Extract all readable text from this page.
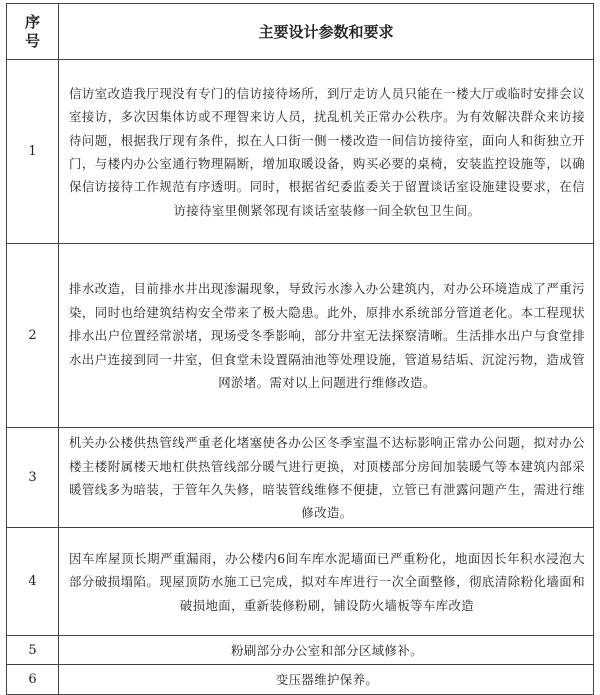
序号	主要设计参数和要求
1	信访室改造我厅现没有专门的信访接待场所，到厅走访人员只能在一楼大厅或临时安排会议室接访，多次因集体访或不理智来访人员，扰乱机关正常办公秩序。为有效解决群众来访接待问题，根据我厅现有条件，拟在人口街一侧一楼改造一间信访接待室，面向人和街独立开门，与楼内办公室通行物理隔断，增加取暖设备，购买必要的桌椅，安装监控设施等，以确保信访接待工作规范有序透明。同时，根据省纪委监委关于留置谈话室设施建设要求，在信访接待室里侧紧邻现有谈话室装修一间全软包卫生间。
2	排水改造，目前排水井出现渗漏现象，导致污水渗入办公建筑内，对办公环境造成了严重污染，同时也给建筑结构安全带来了极大隐患。此外，原排水系统部分管道老化。本工程现状排水出户位置经常淤堵，现场受冬季影响，部分井室无法探察清晰。生活排水出户与食堂排水出户连接到同一井室，但食堂未设置隔油池等处理设施，管道易结垢、沉淀污物，造成管网淤堵。需对以上问题进行维修改造。
3	机关办公楼供热管线严重老化堵塞使各办公区冬季室温不达标影响正常办公问题，拟对办公楼主楼附属楼天地杠供热管线部分暖气进行更换，对顶楼部分房间加装暖气等本建筑内部采暖管线多为暗装，于管年久失修，暗装管线维修不便捷，立管已有泄露问题产生，需进行维修改造。
4	因车库屋顶长期严重漏雨，办公楼内6间车库水泥墙面已严重粉化，地面因长年积水浸泡大部分破损塌陷。现屋顶防水施工已完成，拟对车库进行一次全面整修，彻底清除粉化墙面和破损地面，重新装修粉刷，铺设防火墙板等车库改造
5	粉刷部分办公室和部分区域修补。
6	变压器维护保养。
